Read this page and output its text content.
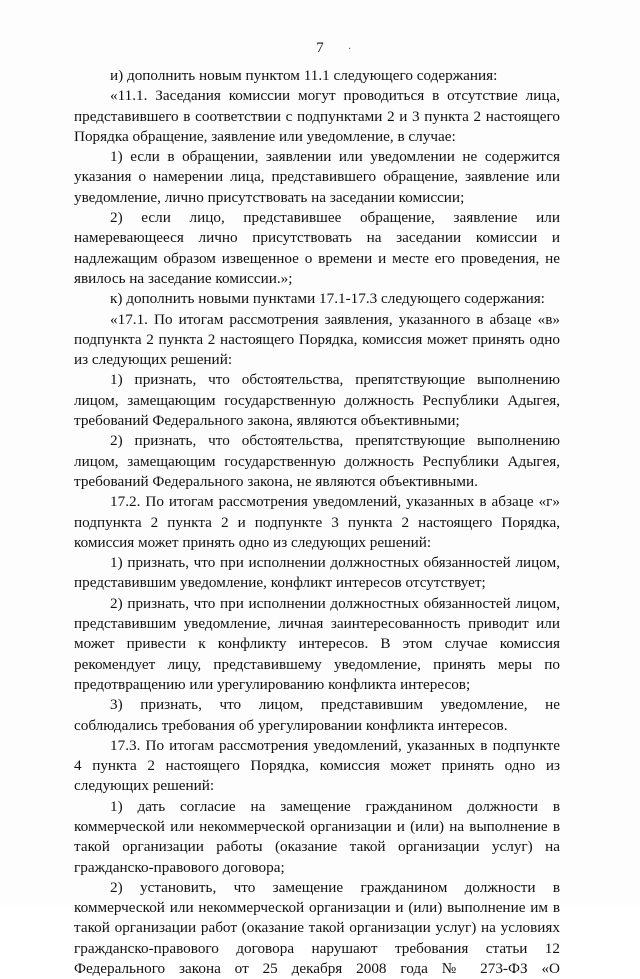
7	·
и) дополнить новым пунктом 11.1 следующего содержания:
«11.1. Заседания комиссии могут проводиться в отсутствие лица,
представившего в соответствии с подпунктами 2 и 3 пункта 2 настоящего
Порядка обращение, заявление или уведомление, в случае:
1) если в обращении, заявлении или уведомлении не содержится
указания о намерении лица, представившего обращение, заявление или
уведомление, лично присутствовать на заседании комиссии;
2) если лицо, представившее обращение, заявление или
намеревающееся лично присутствовать на заседании комиссии и
надлежащим образом извещенное о времени и месте его проведения, не
явилось на заседание комиссии.»;
к) дополнить новыми пунктами 17.1-17.3 следующего содержания:
«17.1. По итогам рассмотрения заявления, указанного в абзаце «в»
подпункта 2 пункта 2 настоящего Порядка, комиссия может принять одно
из следующих решений:
1) признать, что обстоятельства, препятствующие выполнению
лицом, замещающим государственную должность Республики Адыгея,
требований Федерального закона, являются объективными;
2) признать, что обстоятельства, препятствующие выполнению
лицом, замещающим государственную должность Республики Адыгея,
требований Федерального закона, не являются объективными.
17.2. По итогам рассмотрения уведомлений, указанных в абзаце «г»
подпункта 2 пункта 2 и подпункте 3 пункта 2 настоящего Порядка,
комиссия может принять одно из следующих решений:
1) признать, что при исполнении должностных обязанностей лицом,
представившим уведомление, конфликт интересов отсутствует;
2) признать, что при исполнении должностных обязанностей лицом,
представившим уведомление, личная заинтересованность приводит или
может привести к конфликту интересов. В этом случае комиссия
рекомендует лицу, представившему уведомление, принять меры по
предотвращению или урегулированию конфликта интересов;
3) признать, что лицом, представившим уведомление, не
соблюдались требования об урегулировании конфликта интересов.
17.3. По итогам рассмотрения уведомлений, указанных в подпункте
4 пункта 2 настоящего Порядка, комиссия может принять одно из
следующих решений:
1) дать согласие на замещение гражданином должности в
коммерческой или некоммерческой организации и (или) на выполнение в
такой организации работы (оказание такой организации услуг) на
гражданско-правового договора;
2) установить, что замещение гражданином должности в
коммерческой или некоммерческой организации и (или) выполнение им в
такой организации работ (оказание такой организации услуг) на условиях
гражданско-правового договора нарушают требования статьи 12
Федерального закона от 25 декабря 2008 года № 273-ФЗ «О
